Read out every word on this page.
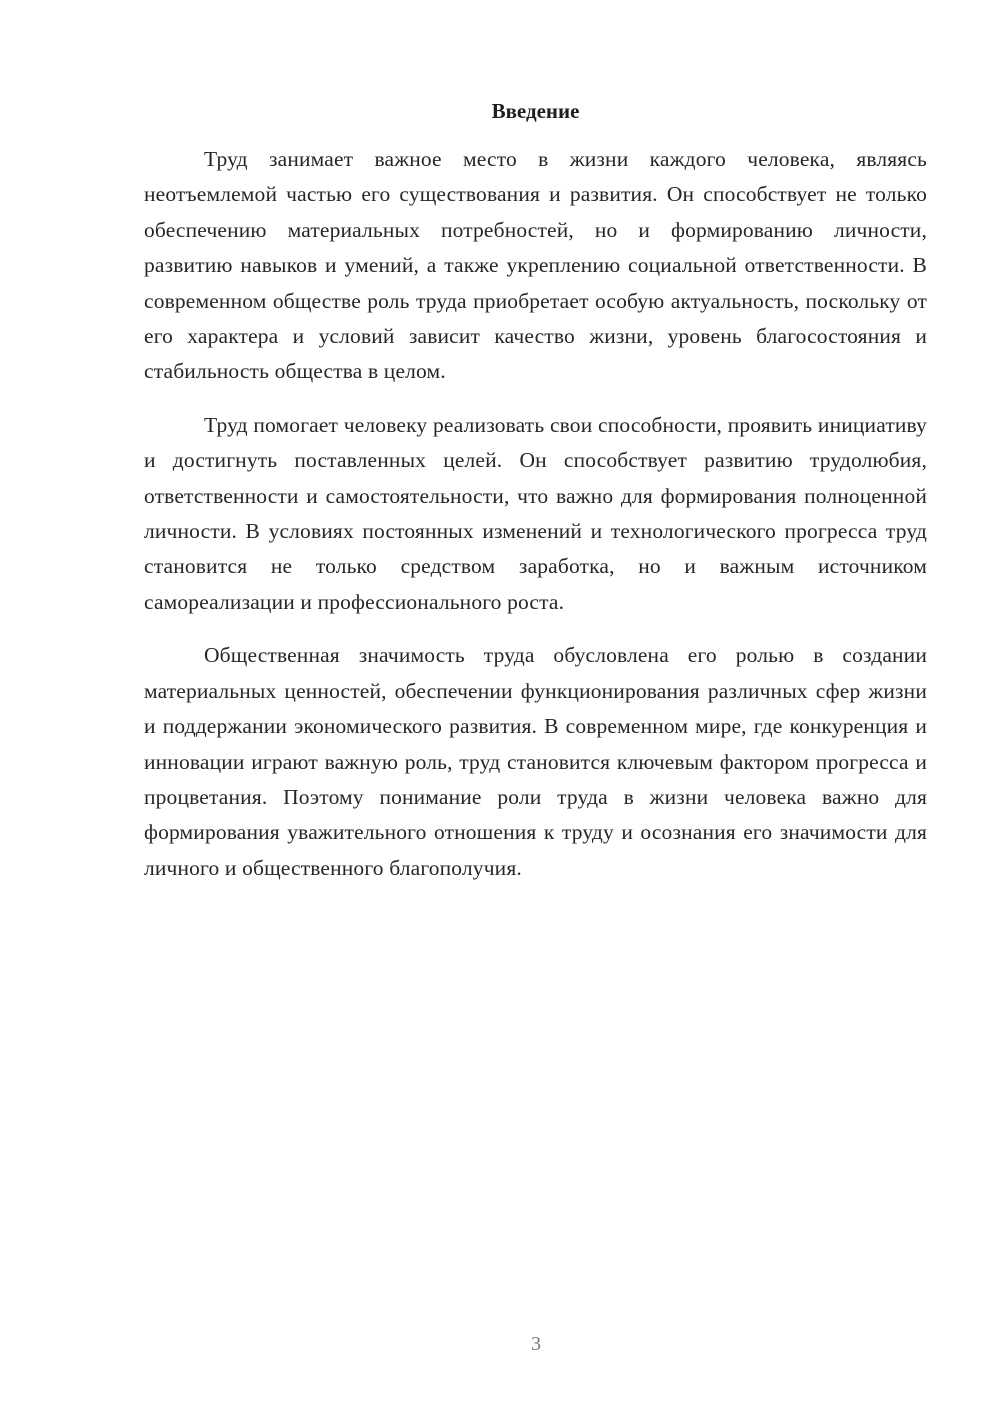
Введение

Труд занимает важное место в жизни каждого человека, являясь неотъемлемой частью его существования и развития. Он способствует не только обеспечению материальных потребностей, но и формированию личности, развитию навыков и умений, а также укреплению социальной ответственности. В современном обществе роль труда приобретает особую актуальность, поскольку от его характера и условий зависит качество жизни, уровень благосостояния и стабильность общества в целом.

Труд помогает человеку реализовать свои способности, проявить инициативу и достигнуть поставленных целей. Он способствует развитию трудолюбия, ответственности и самостоятельности, что важно для формирования полноценной личности. В условиях постоянных изменений и технологического прогресса труд становится не только средством заработка, но и важным источником самореализации и профессионального роста.

Общественная значимость труда обусловлена его ролью в создании материальных ценностей, обеспечении функционирования различных сфер жизни и поддержании экономического развития. В современном мире, где конкуренция и инновации играют важную роль, труд становится ключевым фактором прогресса и процветания. Поэтому понимание роли труда в жизни человека важно для формирования уважительного отношения к труду и осознания его значимости для личного и общественного благополучия.

3
